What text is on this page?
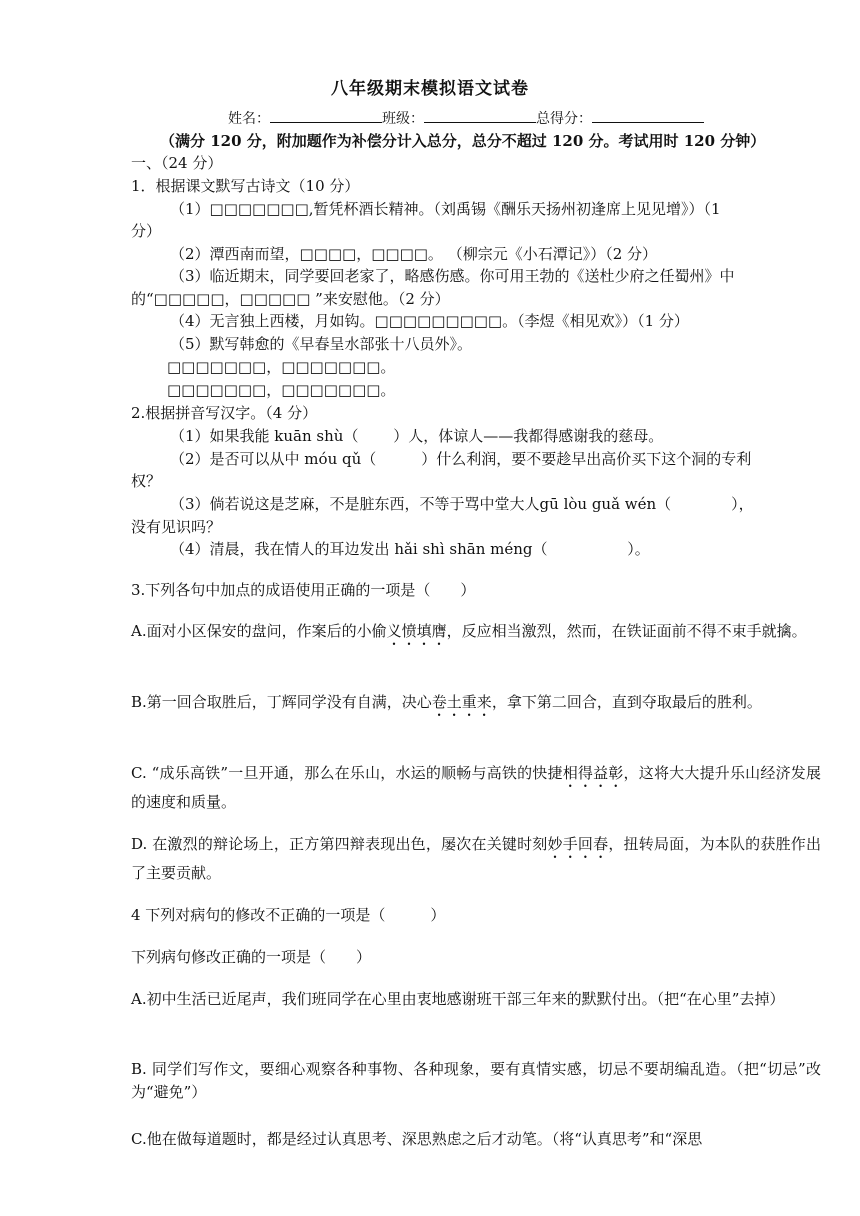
八年级期末模拟语文试卷
姓名：	班级：	总得分：
（满分 120 分，附加题作为补偿分计入总分，总分不超过 120 分。考试用时 120 分钟）
一、（24 分）
1．根据课文默写古诗文（10 分）
（1）□□□□□□□,暂凭杯酒长精神。（刘禹锡《酬乐天扬州初逢席上见见增》）（1
分）
（2）潭西南而望，□□□□，□□□□。 （柳宗元《小石潭记》）（2 分）
（3）临近期末，同学要回老家了，略感伤感。你可用王勃的《送杜少府之任蜀州》中
的“□□□□□，□□□□□ ”来安慰他。（2 分）
（4）无言独上西楼，月如钩。□□□□□□□□□。（李煜《相见欢》）（1 分）
（5）默写韩愈的《早春呈水部张十八员外》。
□□□□□□□，□□□□□□□。
□□□□□□□，□□□□□□□。
2.根据拼音写汉字。（4 分）
（1）如果我能 kuān shù（　　 ）人，体谅人——我都得感谢我的慈母。
（2）是否可以从中 móu qǔ（　　　）什么利润，要不要趁早出高价买下这个洞的专利
权？
（3）倘若说这是芝麻，不是脏东西，不等于骂中堂大人gū lòu guǎ wén（　　　　），
没有见识吗？
（4）清晨，我在情人的耳边发出 hǎi shì shān méng（　　　　　 ）。
3.下列各句中加点的成语使用正确的一项是（　　）
A.面对小区保安的盘问，作案后的小偷义愤填膺，反应相当激烈，然而，在铁证面前不得不束手就擒。
B.第一回合取胜后，丁辉同学没有自满，决心卷土重来，拿下第二回合，直到夺取最后的胜利。
C. “成乐高铁”一旦开通，那么在乐山，水运的顺畅与高铁的快捷相得益彰，这将大大提升乐山经济发展的速度和质量。
D. 在激烈的辩论场上，正方第四辩表现出色，屡次在关键时刻妙手回春，扭转局面，为本队的获胜作出了主要贡献。
4 下列对病句的修改不正确的一项是（　　　）
下列病句修改正确的一项是（　　）
A.初中生活已近尾声，我们班同学在心里由衷地感谢班干部三年来的默默付出。（把“在心里”去掉）
B. 同学们写作文，要细心观察各种事物、各种现象，要有真情实感，切忌不要胡编乱造。（把“切忌”改为“避免”）
C.他在做每道题时，都是经过认真思考、深思熟虑之后才动笔。（将“认真思考”和“深思
